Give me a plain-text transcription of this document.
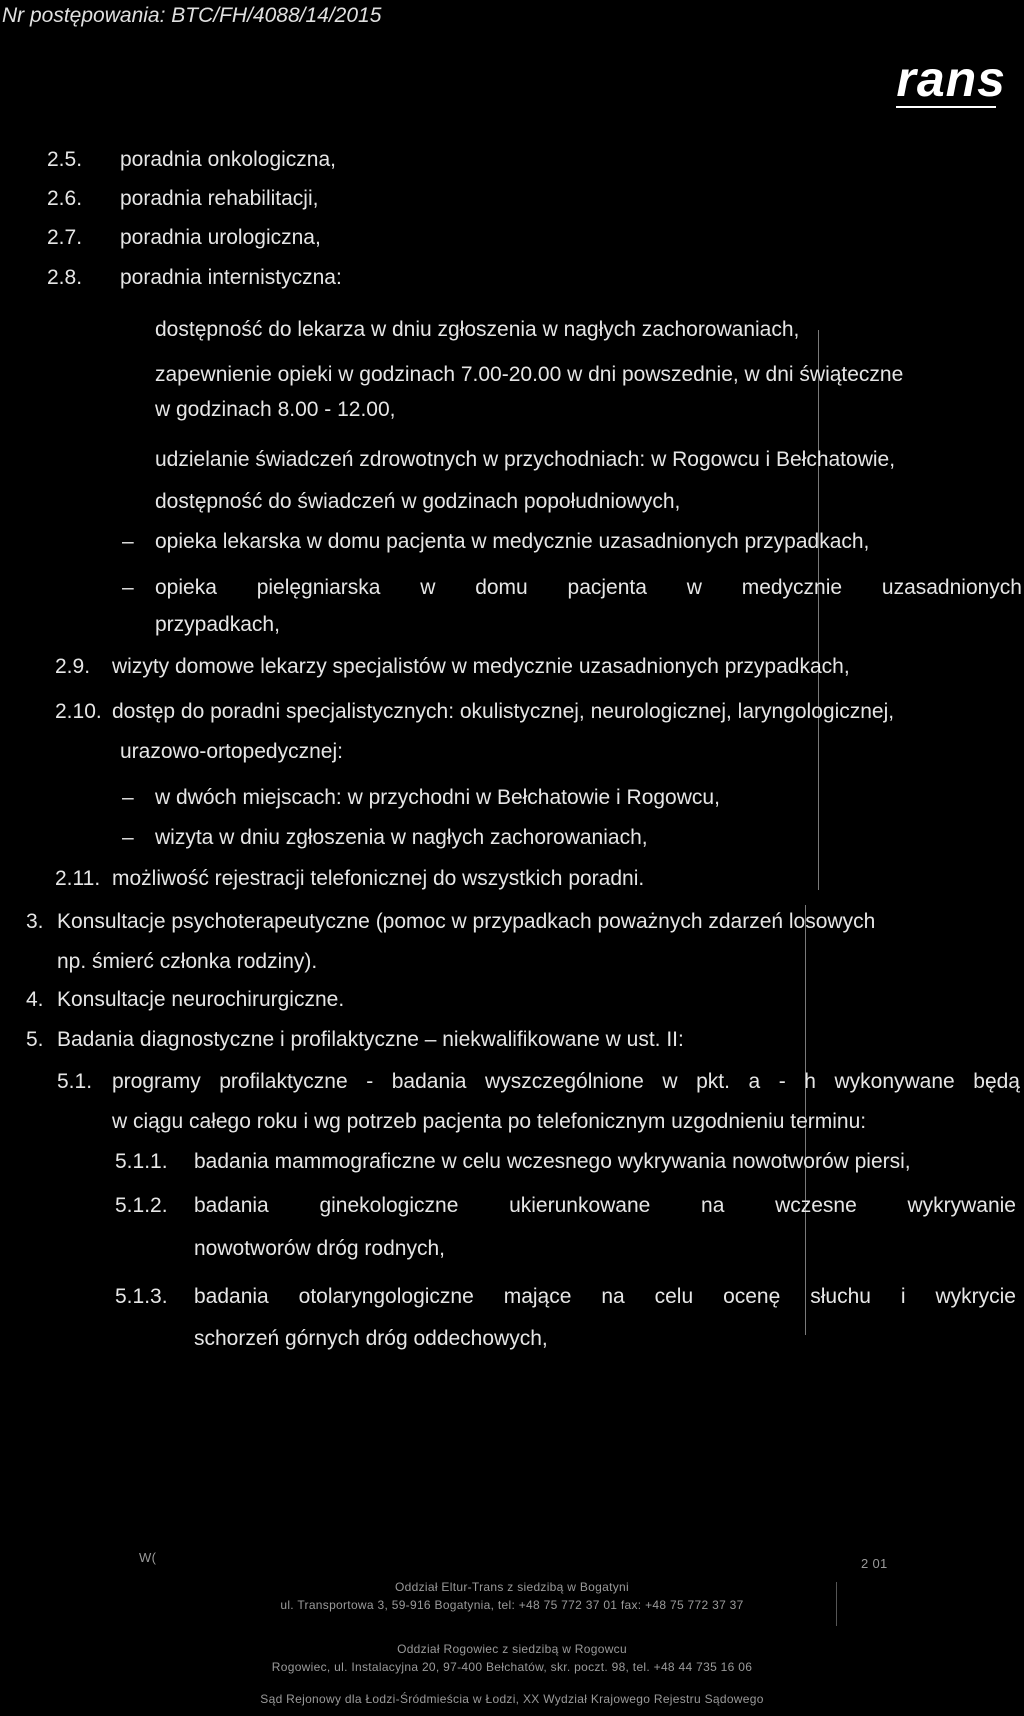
Nr postępowania: BTC/FH/4088/14/2015
rans
2.5. poradnia onkologiczna,
2.6. poradnia rehabilitacji,
2.7. poradnia urologiczna,
2.8. poradnia internistyczna:
dostępność do lekarza w dniu zgłoszenia w nagłych zachorowaniach,
zapewnienie opieki w godzinach 7.00-20.00 w dni powszednie, w dni świąteczne
w godzinach 8.00 - 12.00,
udzielanie świadczeń zdrowotnych w przychodniach: w Rogowcu i Bełchatowie,
dostępność do świadczeń w godzinach popołudniowych,
– opieka lekarska w domu pacjenta w medycznie uzasadnionych przypadkach,
– opieka pielęgniarska w domu pacjenta w medycznie uzasadnionych
przypadkach,
2.9. wizyty domowe lekarzy specjalistów w medycznie uzasadnionych przypadkach,
2.10. dostęp do poradni specjalistycznych: okulistycznej, neurologicznej, laryngologicznej,
urazowo-ortopedycznej:
– w dwóch miejscach: w przychodni w Bełchatowie i Rogowcu,
– wizyta w dniu zgłoszenia w nagłych zachorowaniach,
2.11. możliwość rejestracji telefonicznej do wszystkich poradni.
3. Konsultacje psychoterapeutyczne (pomoc w przypadkach poważnych zdarzeń losowych
np. śmierć członka rodziny).
4. Konsultacje neurochirurgiczne.
5. Badania diagnostyczne i profilaktyczne – niekwalifikowane w ust. II:
5.1. programy profilaktyczne - badania wyszczególnione w pkt. a - h wykonywane będą
w ciągu całego roku i wg potrzeb pacjenta po telefonicznym uzgodnieniu terminu:
5.1.1. badania mammograficzne w celu wczesnego wykrywania nowotworów piersi,
5.1.2. badania ginekologiczne ukierunkowane na wczesne wykrywanie
nowotworów dróg rodnych,
5.1.3. badania otolaryngologiczne mające na celu ocenę słuchu i wykrycie
schorzeń górnych dróg oddechowych,
W(	2 01
Oddział Eltur-Trans z siedzibą w Bogatyni
ul. Transportowa 3, 59-916 Bogatynia, tel: +48 75 772 37 01 fax: +48 75 772 37 37
Oddział Rogowiec z siedzibą w Rogowcu
Rogowiec, ul. Instalacyjna 20, 97-400 Bełchatów, skr. poczt. 98, tel. +48 44 735 16 06
Sąd Rejonowy dla Łodzi-Śródmieścia w Łodzi, XX Wydział Krajowego Rejestru Sądowego
